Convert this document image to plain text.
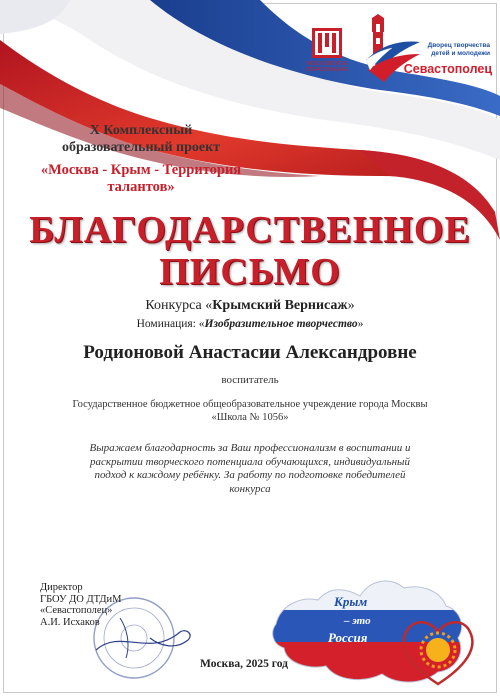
МОСКОВСКОЕ
ОБРАЗОВАНИЕ
Дворец творчества
детей и молодежи
Севастополец
X Комплексный
образовательный проект
«Москва - Крым - Территория талантов»
БЛАГОДАРСТВЕННОЕ
ПИСЬМО
Конкурса «Крымский Вернисаж»
Номинация: «Изобразительное творчество»
Родионовой Анастасии Александровне
воспитатель
Государственное бюджетное общеобразовательное учреждение города Москвы
«Школа № 1056»
Выражаем благодарность за Ваш профессионализм в воспитании и
раскрытии творческого потенциала обучающихся, индивидуальный
подход к каждому ребёнку. За работу по подготовке победителей
конкурса
Директор
ГБОУ ДО ДТДиМ
«Севастополец»
А.И. Исхаков
Москва, 2025 год
Крым
– это
Россия
